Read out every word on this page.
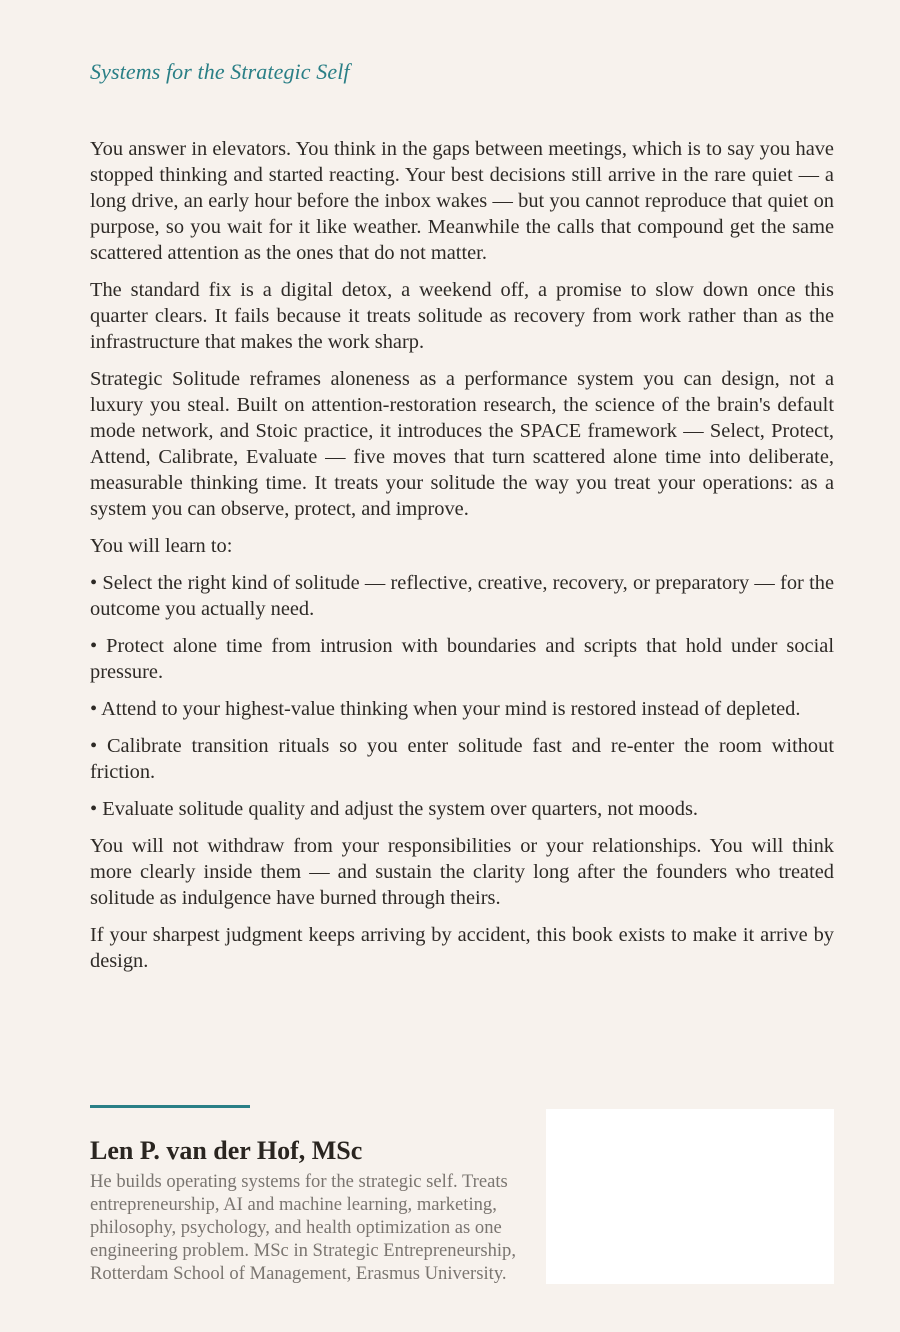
Systems for the Strategic Self

You answer in elevators. You think in the gaps between meetings, which is to say you have stopped thinking and started reacting. Your best decisions still arrive in the rare quiet — a long drive, an early hour before the inbox wakes — but you cannot reproduce that quiet on purpose, so you wait for it like weather. Meanwhile the calls that compound get the same scattered attention as the ones that do not matter.

The standard fix is a digital detox, a weekend off, a promise to slow down once this quarter clears. It fails because it treats solitude as recovery from work rather than as the infrastructure that makes the work sharp.

Strategic Solitude reframes aloneness as a performance system you can design, not a luxury you steal. Built on attention-restoration research, the science of the brain's default mode network, and Stoic practice, it introduces the SPACE framework — Select, Protect, Attend, Calibrate, Evaluate — five moves that turn scattered alone time into deliberate, measurable thinking time. It treats your solitude the way you treat your operations: as a system you can observe, protect, and improve.

You will learn to:

• Select the right kind of solitude — reflective, creative, recovery, or preparatory — for the outcome you actually need.

• Protect alone time from intrusion with boundaries and scripts that hold under social pressure.

• Attend to your highest-value thinking when your mind is restored instead of depleted.

• Calibrate transition rituals so you enter solitude fast and re-enter the room without friction.

• Evaluate solitude quality and adjust the system over quarters, not moods.

You will not withdraw from your responsibilities or your relationships. You will think more clearly inside them — and sustain the clarity long after the founders who treated solitude as indulgence have burned through theirs.

If your sharpest judgment keeps arriving by accident, this book exists to make it arrive by design.

Len P. van der Hof, MSc
He builds operating systems for the strategic self. Treats entrepreneurship, AI and machine learning, marketing, philosophy, psychology, and health optimization as one engineering problem. MSc in Strategic Entrepreneurship, Rotterdam School of Management, Erasmus University.
